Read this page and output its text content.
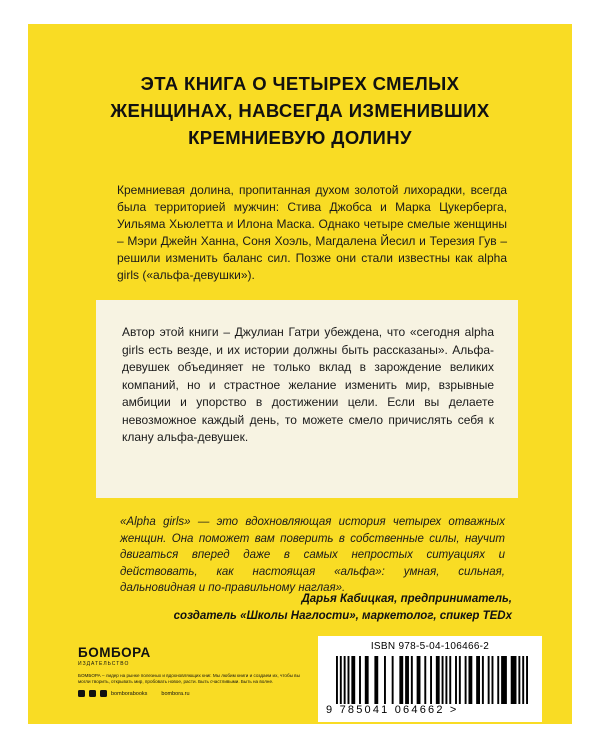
ЭТА КНИГА О ЧЕТЫРЕХ СМЕЛЫХ
ЖЕНЩИНАХ, НАВСЕГДА ИЗМЕНИВШИХ
КРЕМНИЕВУЮ ДОЛИНУ
Кремниевая долина, пропитанная духом золотой лихорадки, всегда была территорией мужчин: Стива Джобса и Марка Цукерберга, Уильяма Хьюлетта и Илона Маска. Однако четыре смелые женщины – Мэри Джейн Ханна, Соня Хоэль, Магдалена Йесил и Терезия Гув – решили изменить баланс сил. Позже они стали известны как alpha girls («альфа-девушки»).
Автор этой книги – Джулиан Гатри убеждена, что «сегодня alpha girls есть везде, и их истории должны быть рассказаны». Альфа-девушек объединяет не только вклад в зарождение великих компаний, но и страстное желание изменить мир, взрывные амбиции и упорство в достижении цели. Если вы делаете невозможное каждый день, то можете смело причислять себя к клану альфа-девушек.
«Alpha girls» — это вдохновляющая история четырех отважных женщин. Она поможет вам поверить в собственные силы, научит двигаться вперед даже в самых непростых ситуациях и действовать, как настоящая «альфа»: умная, сильная, дальновидная и по-правильному наглая».
Дарья Кабицкая, предприниматель,
создатель «Школы Наглости», маркетолог, спикер TEDx
БОМБОРА
ИЗДАТЕЛЬСТВО
БОМБОРА – лидер на рынке полезных и вдохновляющих книг. Мы любим книги и создаем их, чтобы вы могли творить, открывать мир, пробовать новое, расти. Быть счастливыми. Быть на волне.
bomborabooks	bombora.ru
ISBN 978-5-04-106466-2
9 785041 064662 >
